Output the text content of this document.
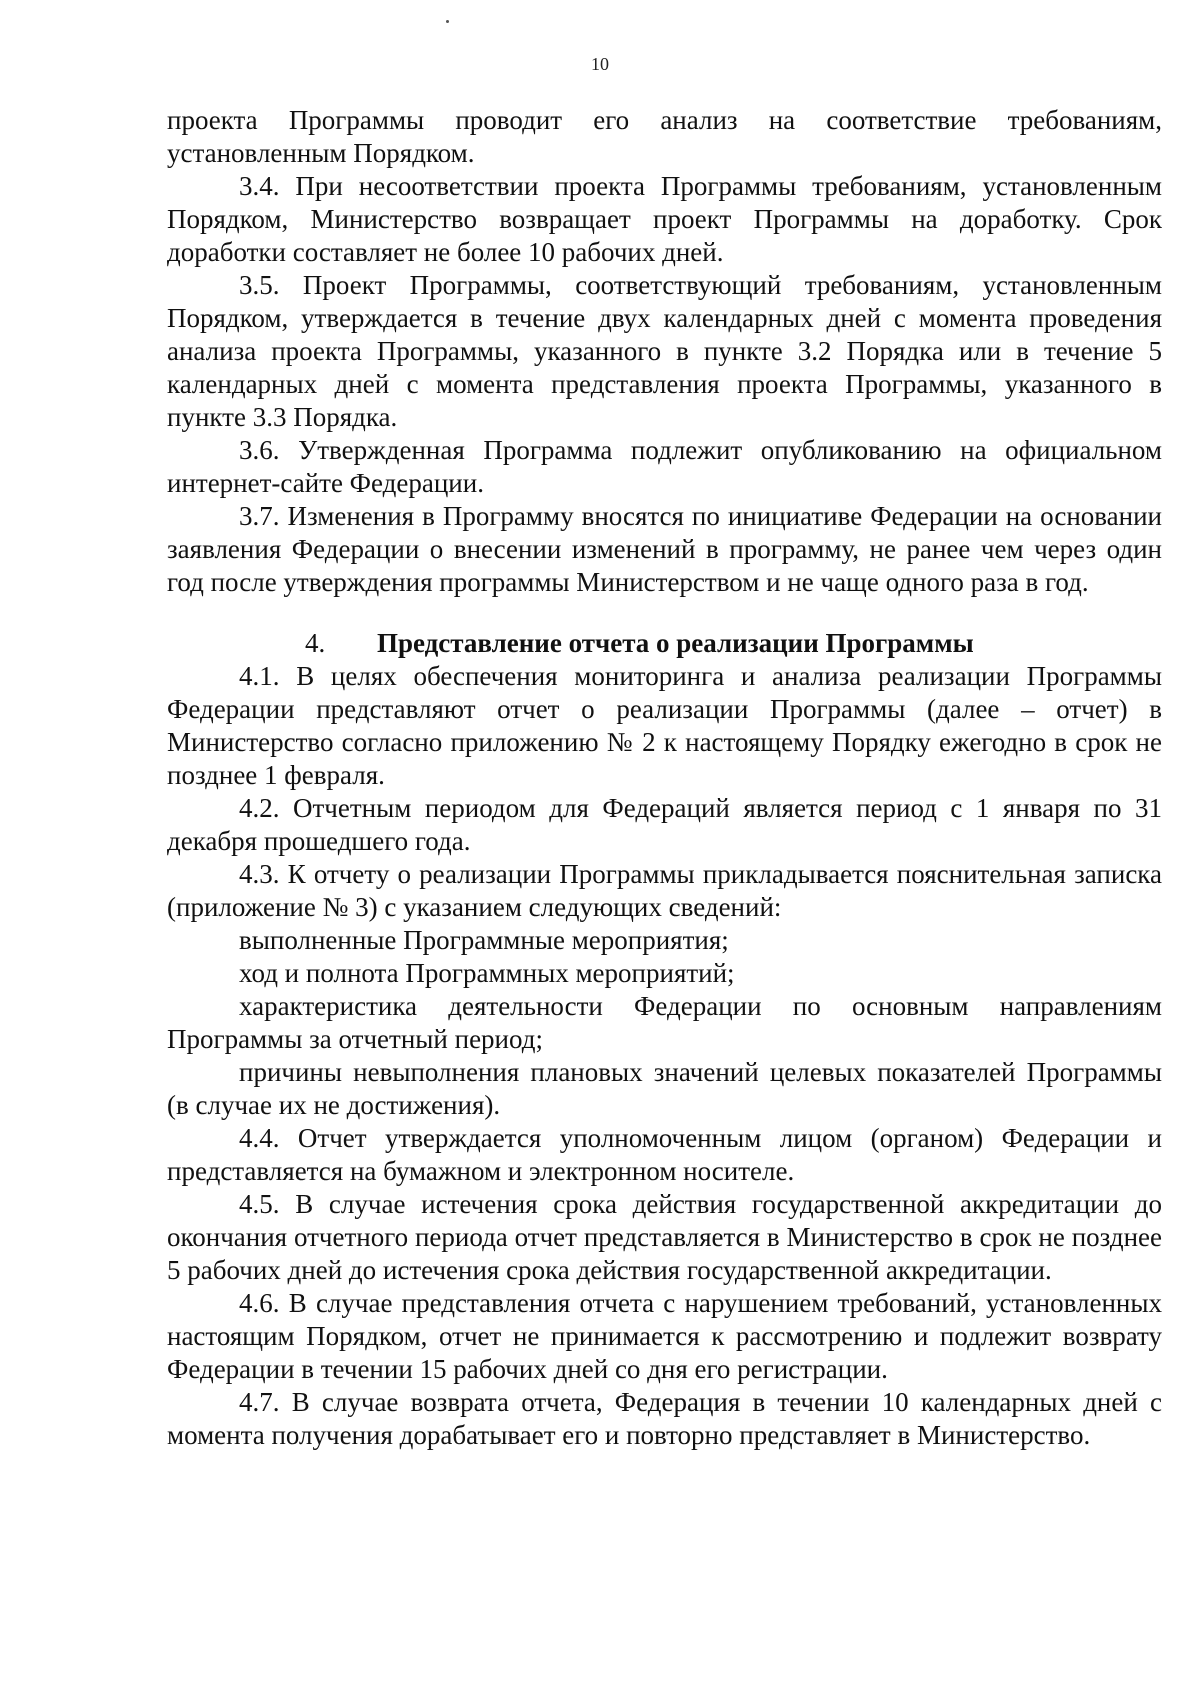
10

проекта Программы проводит его анализ на соответствие требованиям, установленным Порядком.

3.4. При несоответствии проекта Программы требованиям, установленным Порядком, Министерство возвращает проект Программы на доработку. Срок доработки составляет не более 10 рабочих дней.

3.5. Проект Программы, соответствующий требованиям, установленным Порядком, утверждается в течение двух календарных дней с момента проведения анализа проекта Программы, указанного в пункте 3.2 Порядка или в течение 5 календарных дней с момента представления проекта Программы, указанного в пункте 3.3 Порядка.

3.6. Утвержденная Программа подлежит опубликованию на официальном интернет-сайте Федерации.

3.7. Изменения в Программу вносятся по инициативе Федерации на основании заявления Федерации о внесении изменений в программу, не ранее чем через один год после утверждения программы Министерством и не чаще одного раза в год.

4. Представление отчета о реализации Программы

4.1. В целях обеспечения мониторинга и анализа реализации Программы Федерации представляют отчет о реализации Программы (далее – отчет) в Министерство согласно приложению № 2 к настоящему Порядку ежегодно в срок не позднее 1 февраля.

4.2. Отчетным периодом для Федераций является период с 1 января по 31 декабря прошедшего года.

4.3. К отчету о реализации Программы прикладывается пояснительная записка (приложение № 3) с указанием следующих сведений:

выполненные Программные мероприятия;

ход и полнота Программных мероприятий;

характеристика деятельности Федерации по основным направлениям Программы за отчетный период;

причины невыполнения плановых значений целевых показателей Программы (в случае их не достижения).

4.4. Отчет утверждается уполномоченным лицом (органом) Федерации и представляется на бумажном и электронном носителе.

4.5. В случае истечения срока действия государственной аккредитации до окончания отчетного периода отчет представляется в Министерство в срок не позднее 5 рабочих дней до истечения срока действия государственной аккредитации.

4.6. В случае представления отчета с нарушением требований, установленных настоящим Порядком, отчет не принимается к рассмотрению и подлежит возврату Федерации в течении 15 рабочих дней со дня его регистрации.

4.7. В случае возврата отчета, Федерация в течении 10 календарных дней с момента получения дорабатывает его и повторно представляет в Министерство.
